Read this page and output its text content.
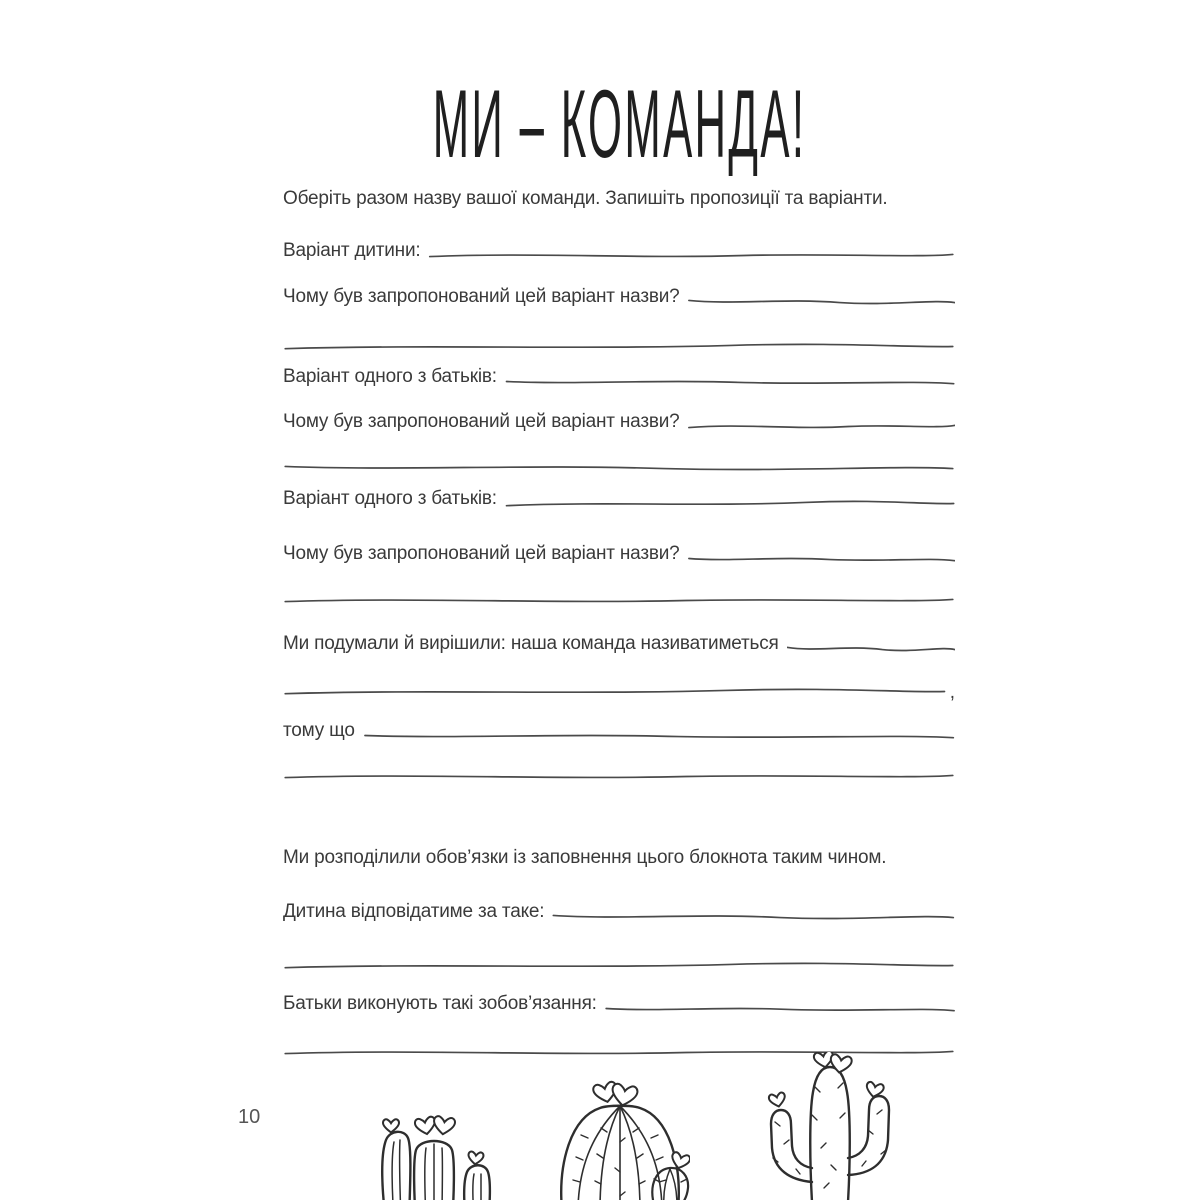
МИ – КОМАНДА!

Оберіть разом назву вашої команди. Запишіть пропозиції та варіанти.

Варіант дитини:
Чому був запропонований цей варіант назви?
Варіант одного з батьків:
Чому був запропонований цей варіант назви?
Варіант одного з батьків:
Чому був запропонований цей варіант назви?
Ми подумали й вирішили: наша команда називатиметься
,
тому що

Ми розподілили обов’язки із заповнення цього блокнота таким чином.

Дитина відповідатиме за таке:
Батьки виконують такі зобов’язання:
10
